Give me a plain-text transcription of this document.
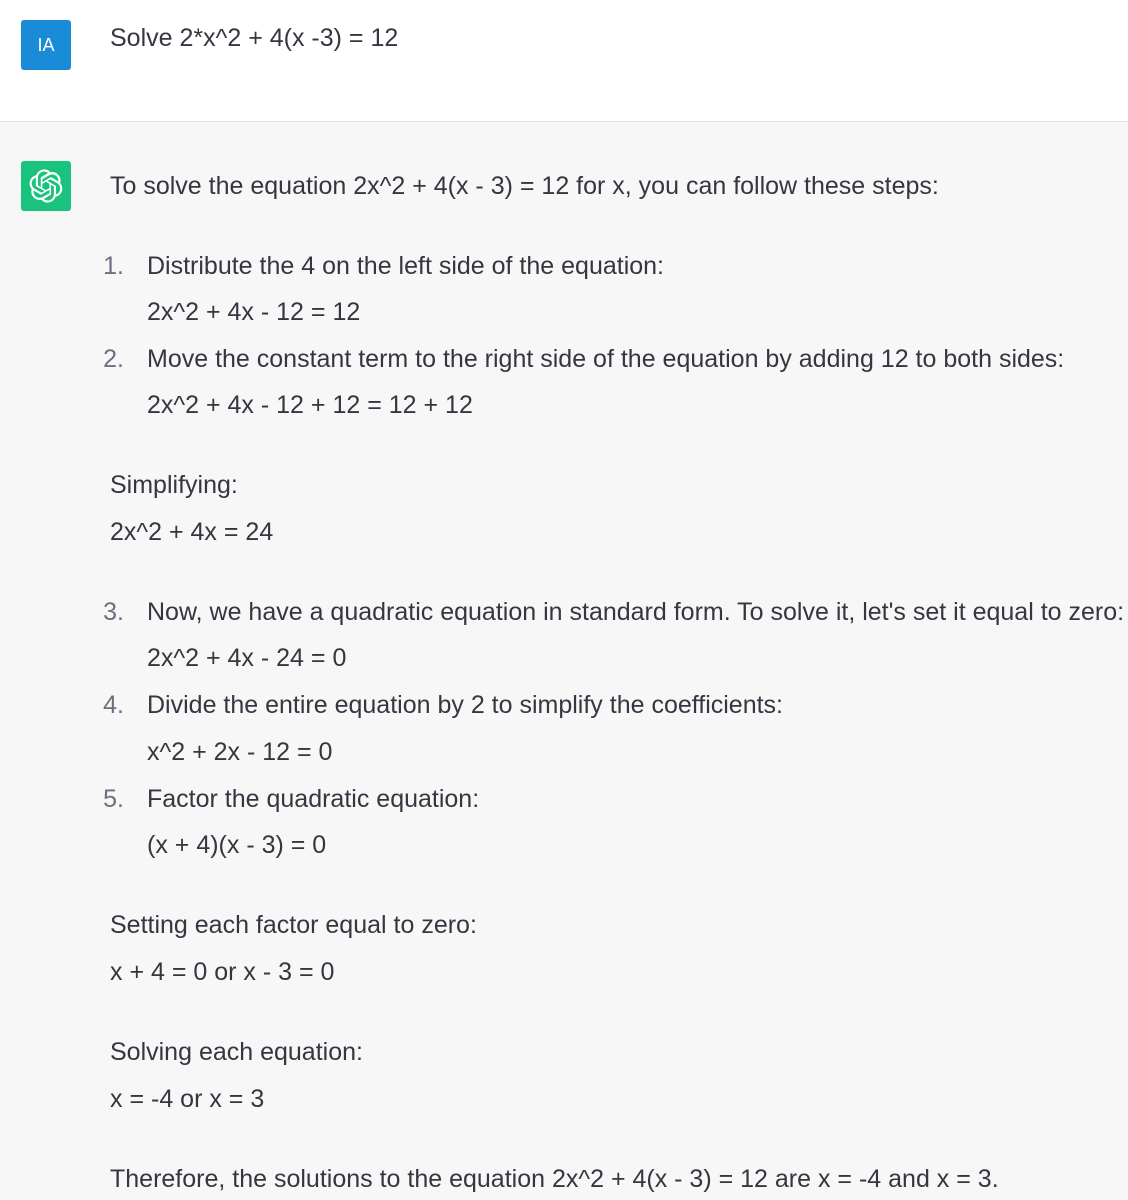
IA	Solve 2*x^2 + 4(x -3) = 12
To solve the equation 2x^2 + 4(x - 3) = 12 for x, you can follow these steps:
1. Distribute the 4 on the left side of the equation:
2x^2 + 4x - 12 = 12
2. Move the constant term to the right side of the equation by adding 12 to both sides:
2x^2 + 4x - 12 + 12 = 12 + 12
Simplifying:
2x^2 + 4x = 24
3. Now, we have a quadratic equation in standard form. To solve it, let's set it equal to zero:
2x^2 + 4x - 24 = 0
4. Divide the entire equation by 2 to simplify the coefficients:
x^2 + 2x - 12 = 0
5. Factor the quadratic equation:
(x + 4)(x - 3) = 0
Setting each factor equal to zero:
x + 4 = 0 or x - 3 = 0
Solving each equation:
x = -4 or x = 3
Therefore, the solutions to the equation 2x^2 + 4(x - 3) = 12 are x = -4 and x = 3.
